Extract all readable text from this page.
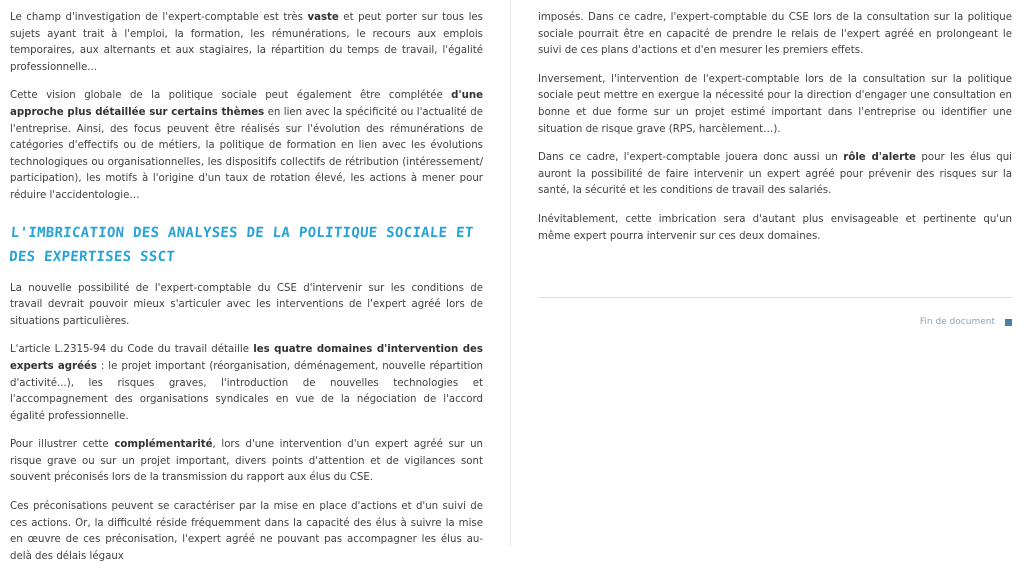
Le champ d'investigation de l'expert-comptable est très vaste et peut porter sur tous les sujets ayant trait à l'emploi, la formation, les rémunérations, le recours aux emplois temporaires, aux alternants et aux stagiaires, la répartition du temps de travail, l'égalité professionnelle...

Cette vision globale de la politique sociale peut également être complétée d'une approche plus détaillée sur certains thèmes en lien avec la spécificité ou l'actualité de l'entreprise. Ainsi, des focus peuvent être réalisés sur l'évolution des rémunérations de catégories d'effectifs ou de métiers, la politique de formation en lien avec les évolutions technologiques ou organisationnelles, les dispositifs collectifs de rétribution (intéressement/ participation), les motifs à l'origine d'un taux de rotation élevé, les actions à mener pour réduire l'accidentologie…

L'IMBRICATION DES ANALYSES DE LA POLITIQUE SOCIALE ET DES EXPERTISES SSCT

La nouvelle possibilité de l'expert-comptable du CSE d'intervenir sur les conditions de travail devrait pouvoir mieux s'articuler avec les interventions de l'expert agréé lors de situations particulières.

L'article L.2315-94 du Code du travail détaille les quatre domaines d'intervention des experts agréés : le projet important (réorganisation, déménagement, nouvelle répartition d'activité...), les risques graves, l'introduction de nouvelles technologies et l'accompagnement des organisations syndicales en vue de la négociation de l'accord égalité professionnelle.

Pour illustrer cette complémentarité, lors d'une intervention d'un expert agréé sur un risque grave ou sur un projet important, divers points d'attention et de vigilances sont souvent préconisés lors de la transmission du rapport aux élus du CSE.

Ces préconisations peuvent se caractériser par la mise en place d'actions et d'un suivi de ces actions. Or, la difficulté réside fréquemment dans la capacité des élus à suivre la mise en œuvre de ces préconisation, l'expert agréé ne pouvant pas accompagner les élus au-delà des délais légaux

imposés. Dans ce cadre, l'expert-comptable du CSE lors de la consultation sur la politique sociale pourrait être en capacité de prendre le relais de l'expert agréé en prolongeant le suivi de ces plans d'actions et d'en mesurer les premiers effets.

Inversement, l'intervention de l'expert-comptable lors de la consultation sur la politique sociale peut mettre en exergue la nécessité pour la direction d'engager une consultation en bonne et due forme sur un projet estimé important dans l'entreprise ou identifier une situation de risque grave (RPS, harcèlement…).

Dans ce cadre, l'expert-comptable jouera donc aussi un rôle d'alerte pour les élus qui auront la possibilité de faire intervenir un expert agréé pour prévenir des risques sur la santé, la sécurité et les conditions de travail des salariés.

Inévitablement, cette imbrication sera d'autant plus envisageable et pertinente qu'un même expert pourra intervenir sur ces deux domaines.

Fin de document
